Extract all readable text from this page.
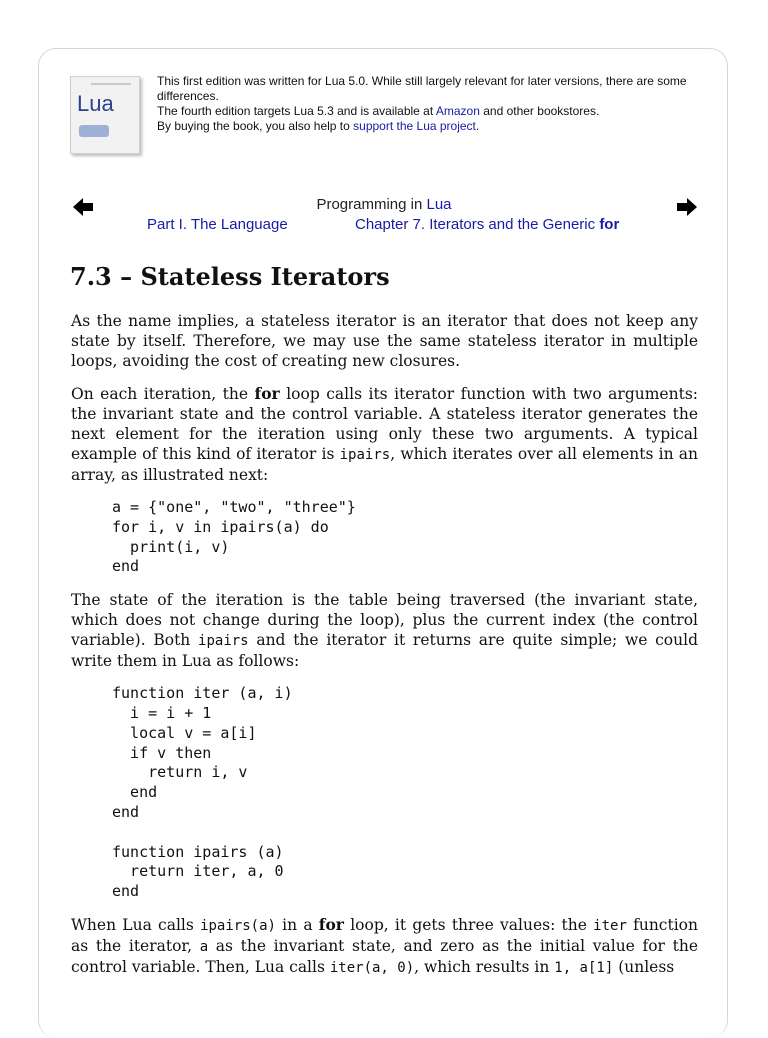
Lua

This first edition was written for Lua 5.0. While still largely relevant for later versions, there are some differences.

The fourth edition targets Lua 5.3 and is available at Amazon and other bookstores.

By buying the book, you also help to support the Lua project.

Programming in Lua
Part I. The Language	Chapter 7. Iterators and the Generic for
7.3 – Stateless Iterators

As the name implies, a stateless iterator is an iterator that does not keep any state by itself. Therefore, we may use the same stateless iterator in multiple loops, avoiding the cost of creating new closures.

On each iteration, the for loop calls its iterator function with two arguments: the invariant state and the control variable. A stateless iterator generates the next element for the iteration using only these two arguments. A typical example of this kind of iterator is ipairs, which iterates over all elements in an array, as illustrated next:

a = {"one", "two", "three"}
for i, v in ipairs(a) do
print(i, v)
end

The state of the iteration is the table being traversed (the invariant state, which does not change during the loop), plus the current index (the control variable). Both ipairs and the iterator it returns are quite simple; we could write them in Lua as follows:

function iter (a, i)
i = i + 1
local v = a[i]
if v then
return i, v
end
end

function ipairs (a)
return iter, a, 0
end

When Lua calls ipairs(a) in a for loop, it gets three values: the iter function as the iterator, a as the invariant state, and zero as the initial value for the control variable. Then, Lua calls iter(a, 0), which results in 1, a[1] (unless
